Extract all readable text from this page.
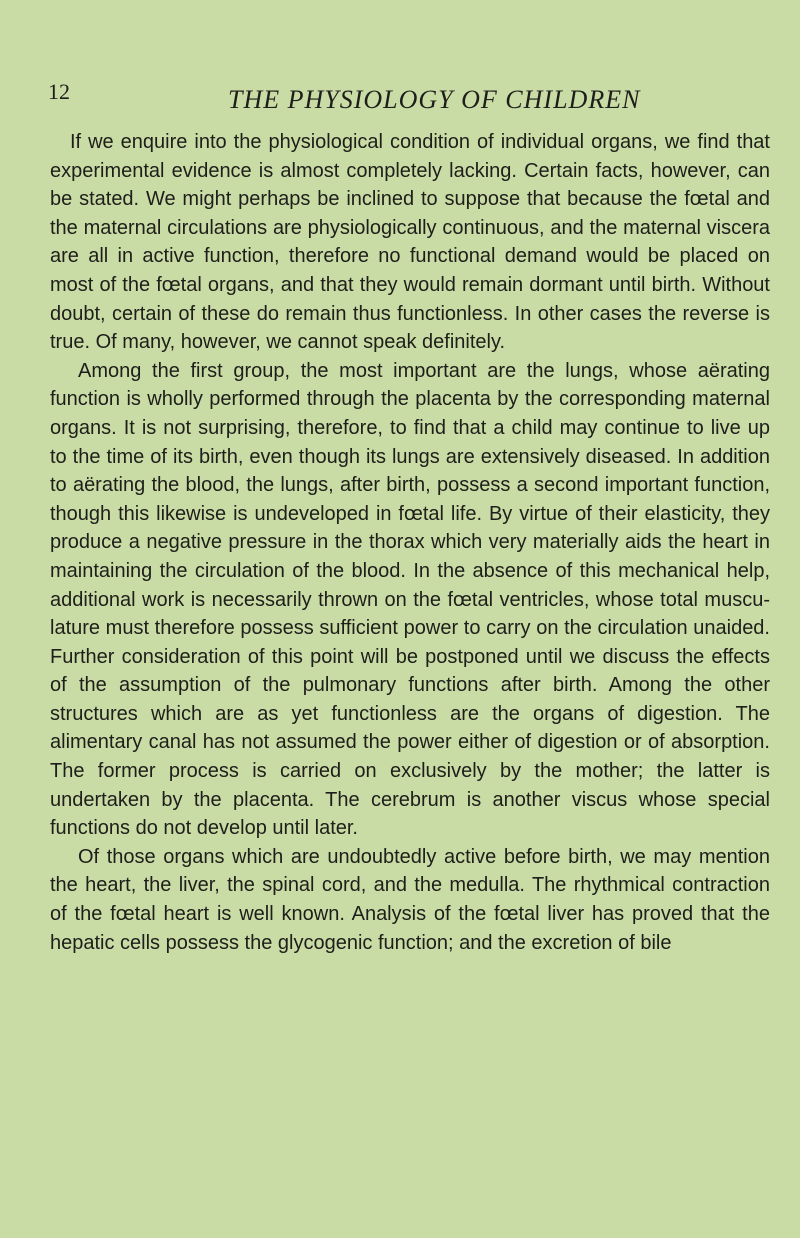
12	THE PHYSIOLOGY OF CHILDREN

If we enquire into the physiological condition of individual organs, we find that experimental evidence is almost completely lacking. Certain facts, however, can be stated. We might perhaps be inclined to suppose that because the fœtal and the maternal circulations are physiologically continuous, and the maternal viscera are all in active function, therefore no functional demand would be placed on most of the fœtal organs, and that they would remain dormant until birth. Without doubt, certain of these do remain thus functionless. In other cases the reverse is true. Of many, however, we cannot speak definitely.

Among the first group, the most important are the lungs, whose aërating function is wholly performed through the placenta by the corresponding maternal organs. It is not surprising, therefore, to find that a child may continue to live up to the time of its birth, even though its lungs are extensively diseased. In addition to aërating the blood, the lungs, after birth, possess a second important function, though this likewise is undeveloped in fœtal life. By virtue of their elasticity, they produce a negative pressure in the thorax which very materially aids the heart in maintaining the circulation of the blood. In the absence of this mechanical help, additional work is necessarily thrown on the fœtal ventricles, whose total musculature must therefore possess sufficient power to carry on the circulation unaided. Further consideration of this point will be postponed until we discuss the effects of the assumption of the pulmonary functions after birth. Among the other structures which are as yet functionless are the organs of digestion. The alimentary canal has not assumed the power either of digestion or of absorption. The former process is carried on exclusively by the mother; the latter is undertaken by the placenta. The cerebrum is another viscus whose special functions do not develop until later.

Of those organs which are undoubtedly active before birth, we may mention the heart, the liver, the spinal cord, and the medulla. The rhythmical contraction of the fœtal heart is well known. Analysis of the fœtal liver has proved that the hepatic cells possess the glycogenic function; and the excretion of bile
